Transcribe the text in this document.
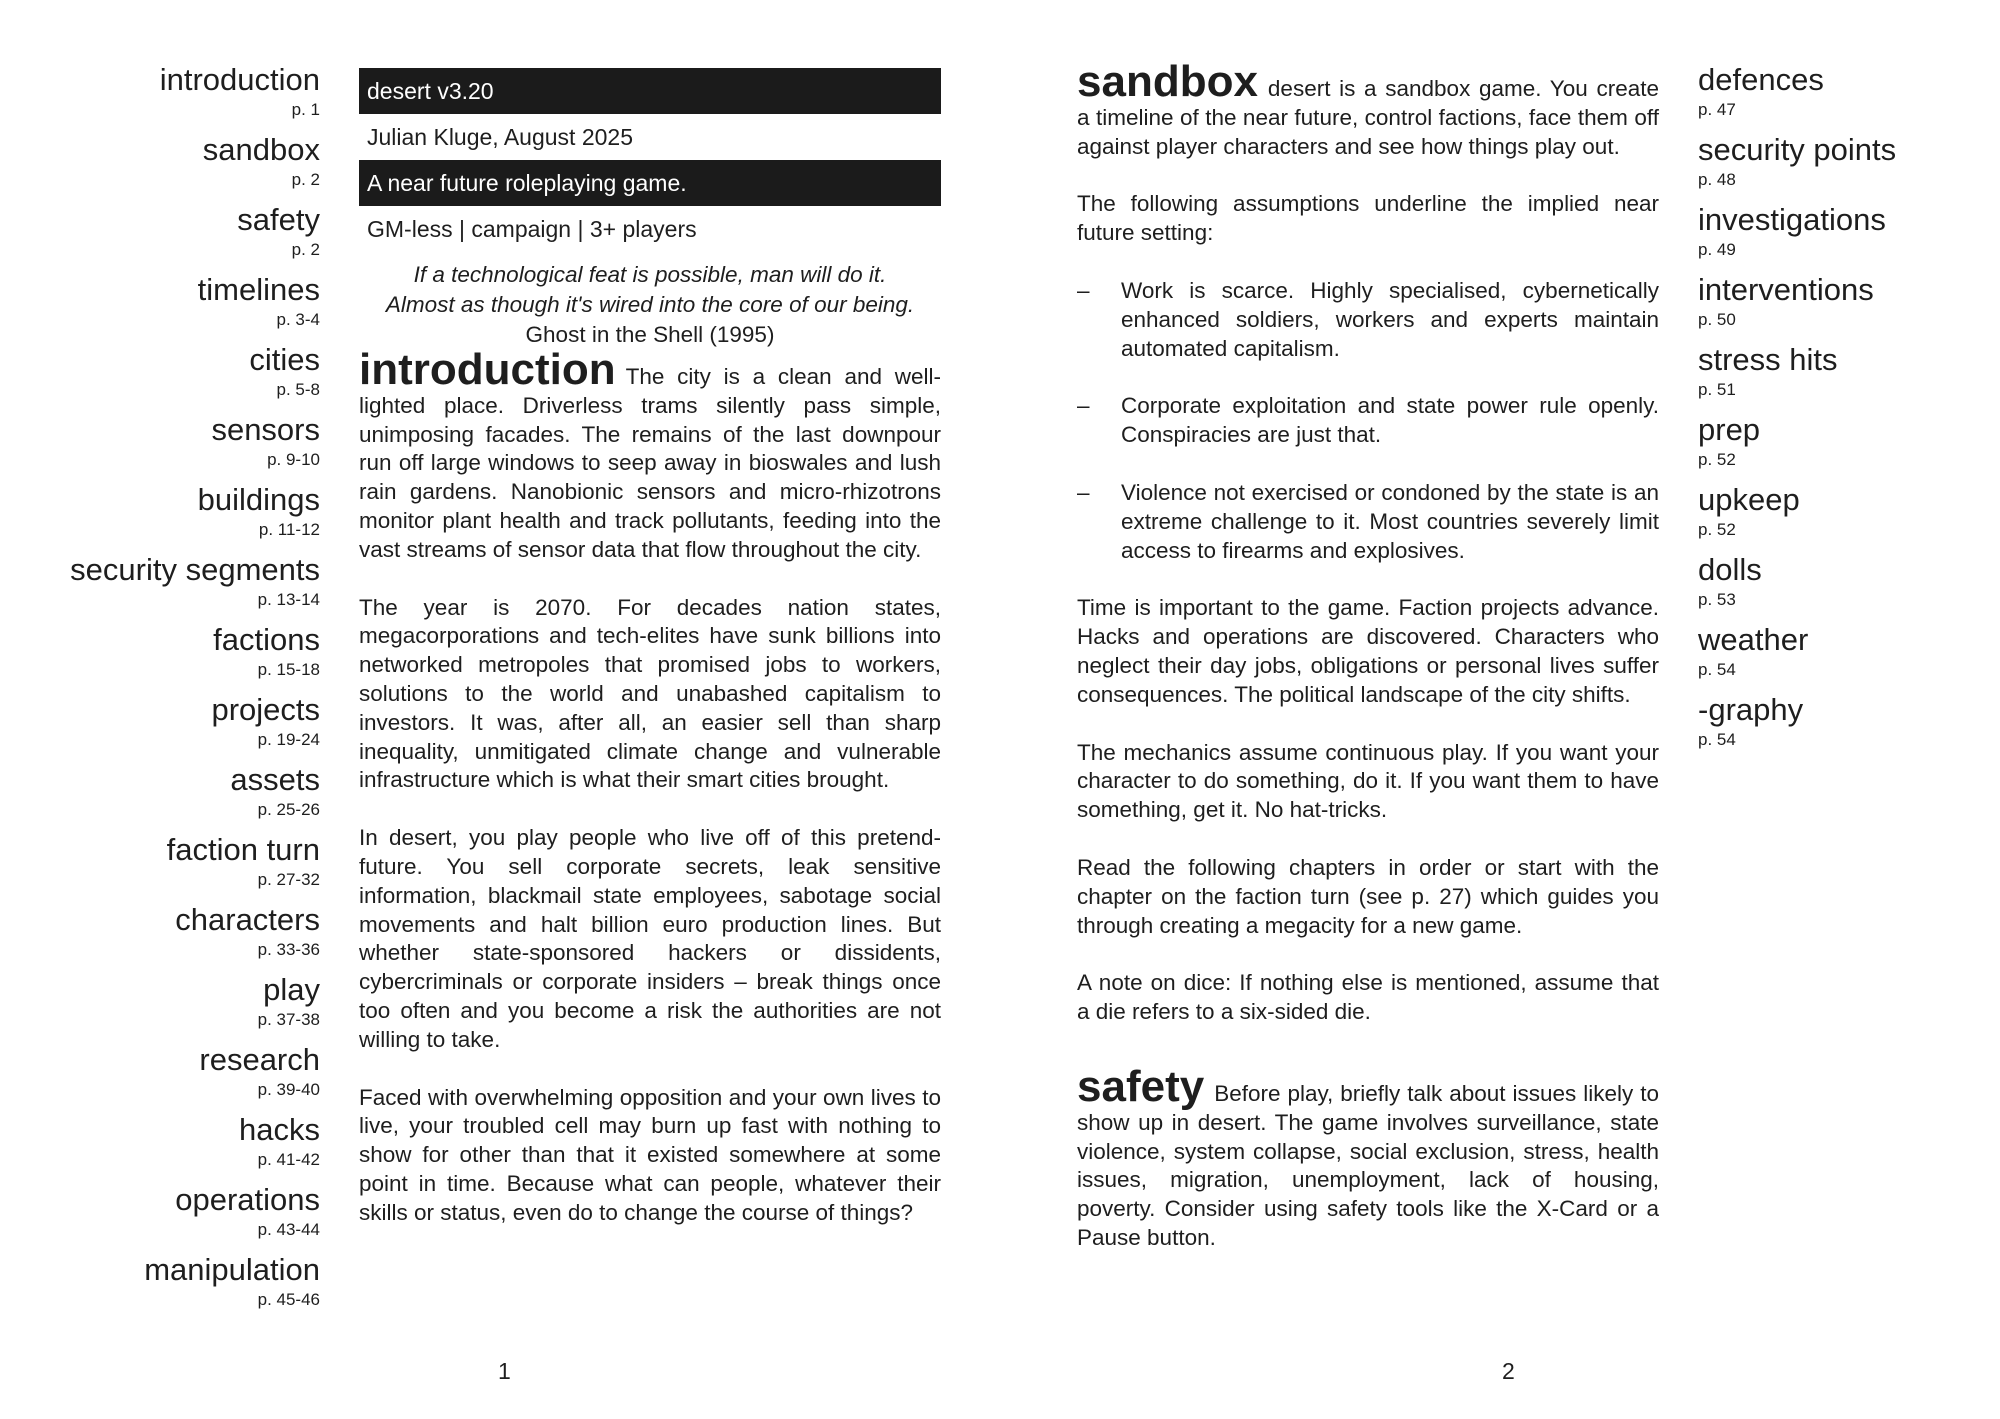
introduction
p. 1
sandbox
p. 2
safety
p. 2
timelines
p. 3-4
cities
p. 5-8
sensors
p. 9-10
buildings
p. 11-12
security segments
p. 13-14
factions
p. 15-18
projects
p. 19-24
assets
p. 25-26
faction turn
p. 27-32
characters
p. 33-36
play
p. 37-38
research
p. 39-40
hacks
p. 41-42
operations
p. 43-44
manipulation
p. 45-46
defences
p. 47
security points
p. 48
investigations
p. 49
interventions
p. 50
stress hits
p. 51
prep
p. 52
upkeep
p. 52
dolls
p. 53
weather
p. 54
-graphy
p. 54
desert v3.20
Julian Kluge, August 2025
A near future roleplaying game.
GM-less | campaign | 3+ players
If a technological feat is possible, man will do it.
Almost as though it's wired into the core of our being.
Ghost in the Shell (1995)

introduction The city is a clean and well-lighted place. Driverless trams silently pass simple, unimposing facades. The remains of the last downpour run off large windows to seep away in bioswales and lush rain gardens. Nanobionic sensors and micro-rhizotrons monitor plant health and track pollutants, feeding into the vast streams of sensor data that flow throughout the city.

The year is 2070. For decades nation states, megacorporations and tech-elites have sunk billions into networked metropoles that promised jobs to workers, solutions to the world and unabashed capitalism to investors. It was, after all, an easier sell than sharp inequality, unmitigated climate change and vulnerable infrastructure which is what their smart cities brought.

In desert, you play people who live off of this pretend-future. You sell corporate secrets, leak sensitive information, blackmail state employees, sabotage social movements and halt billion euro production lines. But whether state-sponsored hackers or dissidents, cybercriminals or corporate insiders – break things once too often and you become a risk the authorities are not willing to take.

Faced with overwhelming opposition and your own lives to live, your troubled cell may burn up fast with nothing to show for other than that it existed somewhere at some point in time. Because what can people, whatever their skills or status, even do to change the course of things?

sandbox desert is a sandbox game. You create a timeline of the near future, control factions, face them off against player characters and see how things play out.

The following assumptions underline the implied near future setting:

– Work is scarce. Highly specialised, cybernetically enhanced soldiers, workers and experts maintain automated capitalism.
– Corporate exploitation and state power rule openly. Conspiracies are just that.
– Violence not exercised or condoned by the state is an extreme challenge to it. Most countries severely limit access to firearms and explosives.

Time is important to the game. Faction projects advance. Hacks and operations are discovered. Characters who neglect their day jobs, obligations or personal lives suffer consequences. The political landscape of the city shifts.

The mechanics assume continuous play. If you want your character to do something, do it. If you want them to have something, get it. No hat-tricks.

Read the following chapters in order or start with the chapter on the faction turn (see p. 27) which guides you through creating a megacity for a new game.

A note on dice: If nothing else is mentioned, assume that a die refers to a six-sided die.

safety Before play, briefly talk about issues likely to show up in desert. The game involves surveillance, state violence, system collapse, social exclusion, stress, health issues, migration, unemployment, lack of housing, poverty. Consider using safety tools like the X-Card or a Pause button.

1	2
